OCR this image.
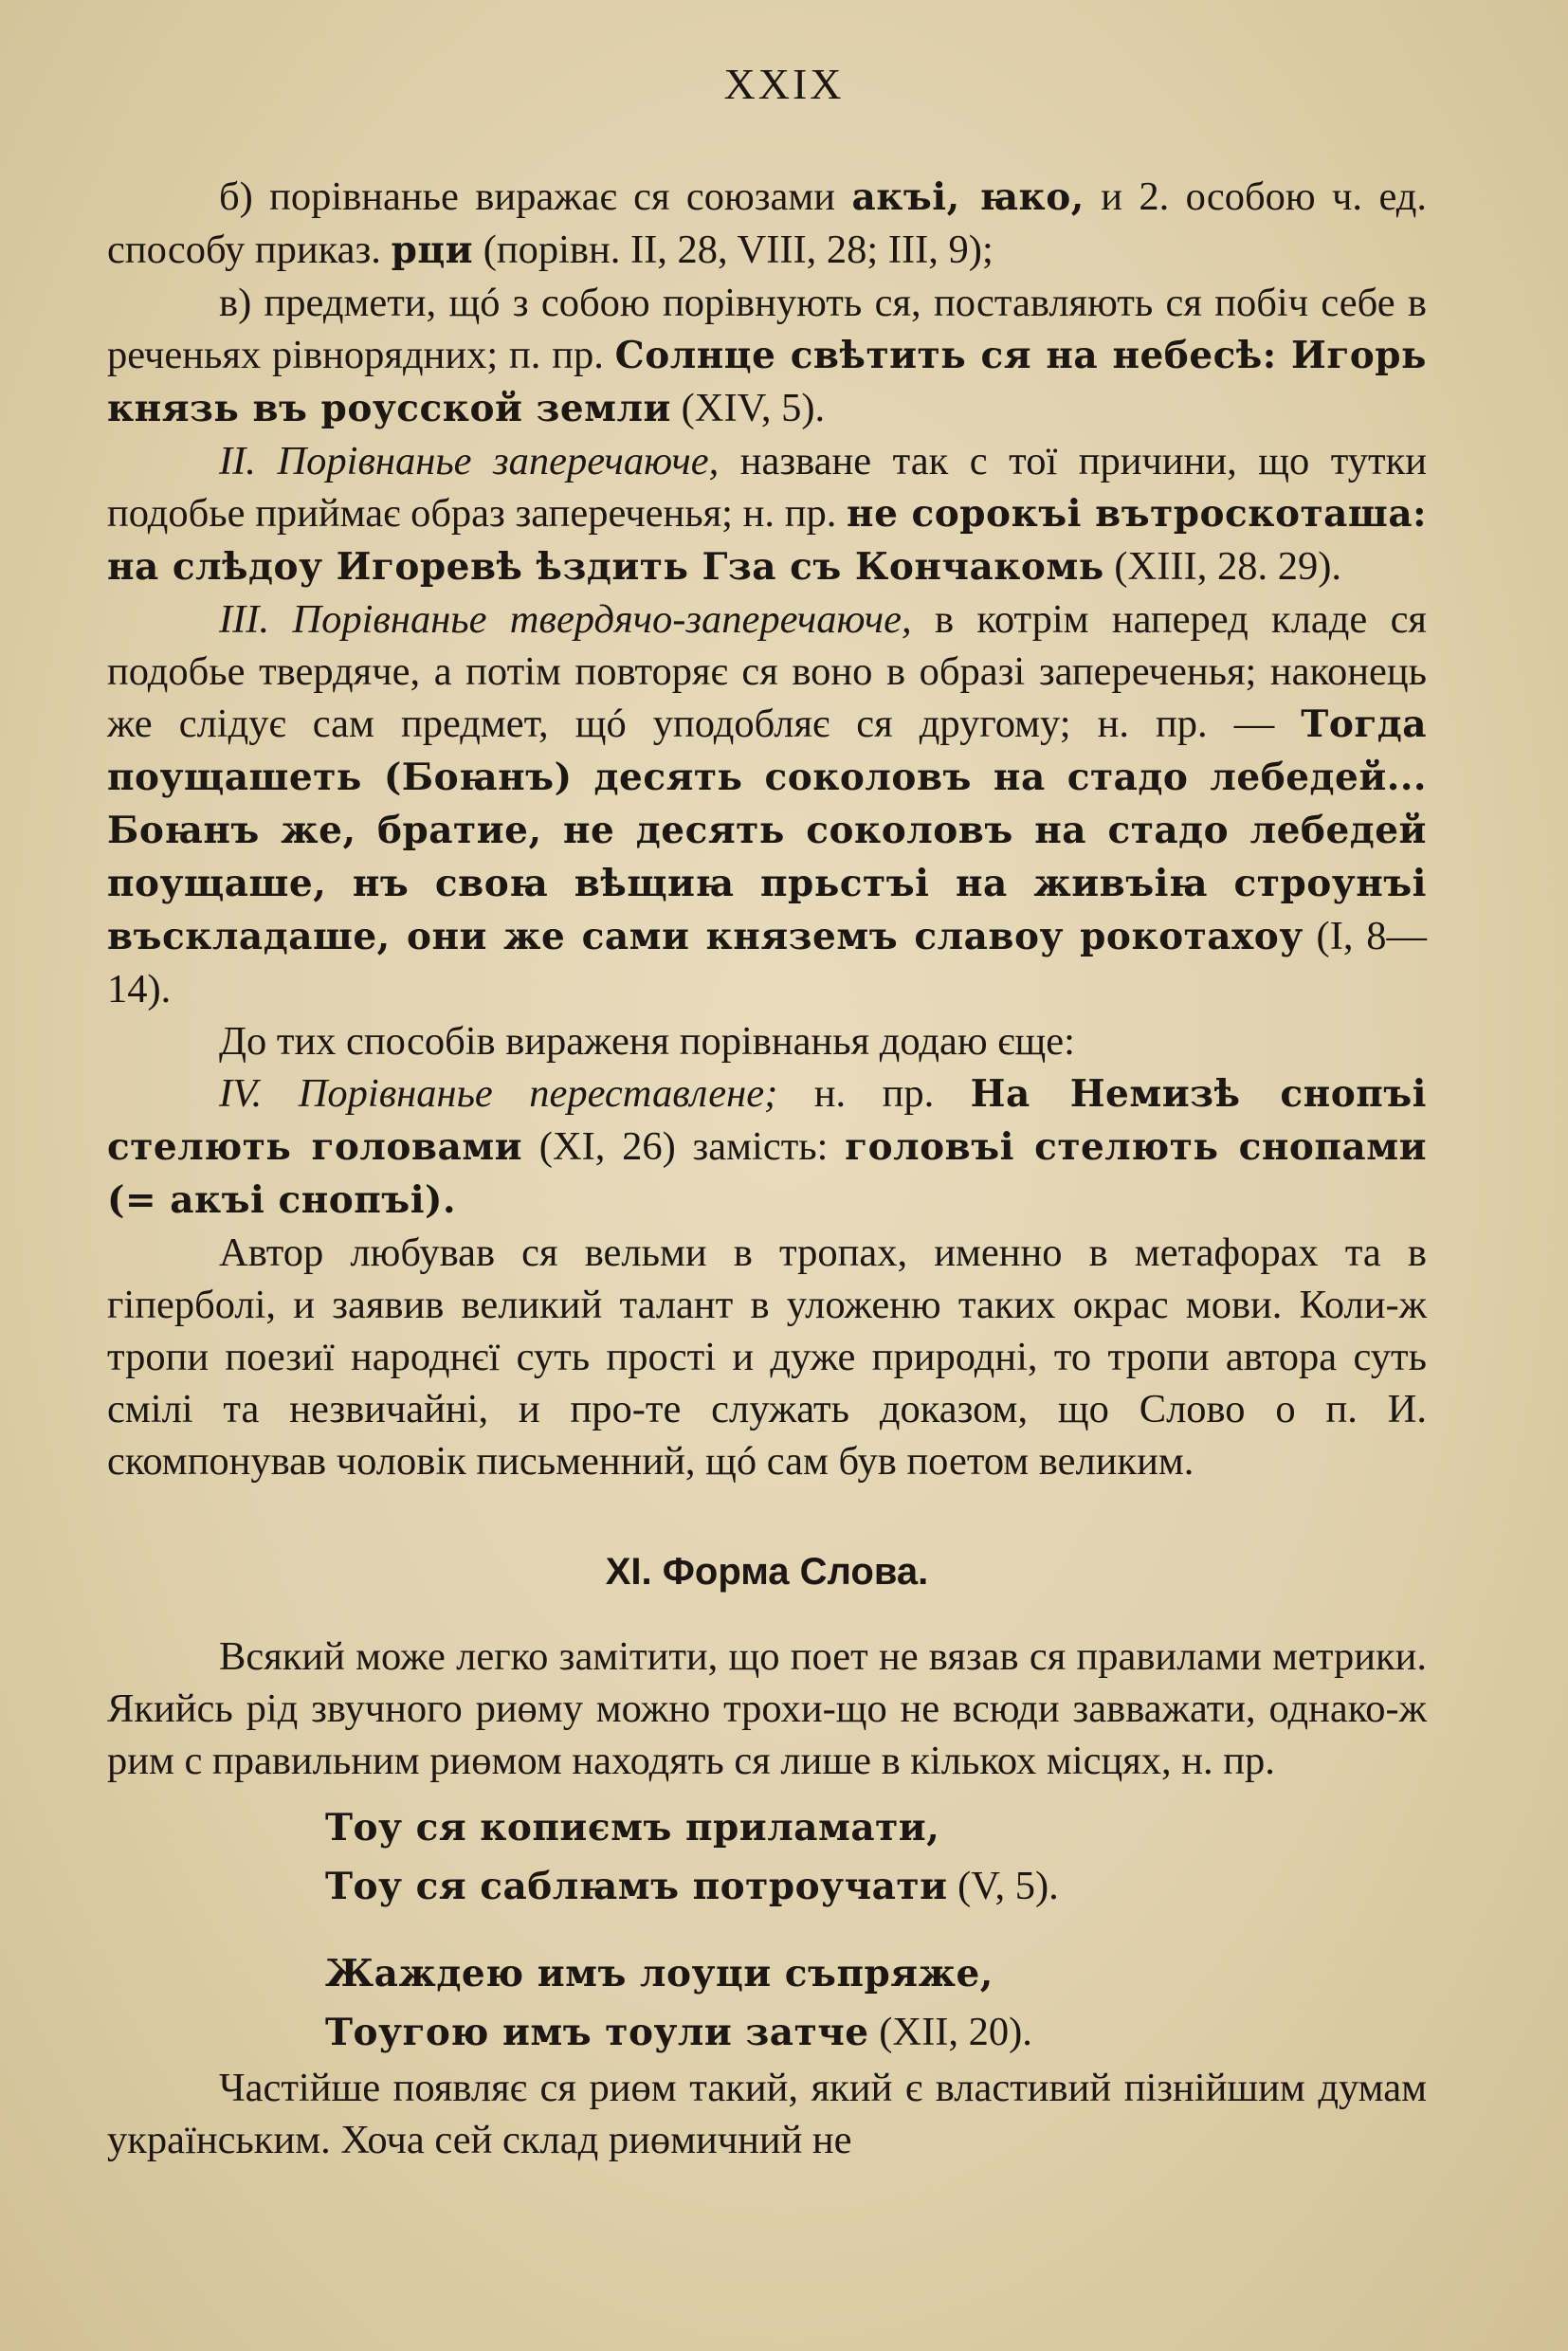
XXIX

б) порівнанье виражає ся союзами акъі, ꙗко, и 2. особою ч. ед. способу приказ. рци (порівн. II, 28, VIII, 28; III, 9);

в) предмети, щó з собою порівнують ся, поставляють ся побіч себе в реченьях рівнорядних; п. пр. Солнце свѣтить ся на небесѣ: Игорь князь въ роусской земли (XIV, 5).

II. Порівнанье заперечаюче, назване так с тої причини, що тутки подобье приймає образ запереченья; н. пр. не сорокъі вътроскоташа: на слѣдоу Игоревѣ ѣздить Гза съ Кончакомь (XIII, 28. 29).

III. Порівнанье твердячо-заперечаюче, в котрім наперед кладе ся подобье твердяче, а потім повторяє ся воно в образі запереченья; наконець же слідує сам предмет, щó уподобляє ся другому; н. пр. — Тогда поущашеть (Боꙗнъ) десять соколовъ на стадо лебедей... Боꙗнъ же, братие, не десять соколовъ на стадо лебедей поущаше, нъ своꙗ вѣщиꙗ прьстъі на живъіꙗ строунъі въскладаше, они же сами княземъ славоу рокотахоу (I, 8—14).

До тих способів вираженя порівнанья додаю єще:

IV. Порівнанье переставлене; н. пр. На Немизѣ снопъі стелють головами (XI, 26) замість: головъі стелють снопами (= акъі снопъі).

Автор любував ся вельми в тропах, именно в метафорах та в гіперболі, и заявив великий талант в уложеню таких окрас мови. Коли-ж тропи поезиї народнєї суть прості и дуже природні, то тропи автора суть смілі та незвичайні, и про-те служать доказом, що Слово о п. И. скомпонував чоловік письменний, щó сам був поетом великим.

XI. Форма Слова.

Всякий може легко замітити, що поет не вязав ся правилами метрики. Якийсь рід звучного риөму можно трохи-що не всюди завважати, однако-ж рим с правильним риөмом находять ся лише в кількох місцях, н. пр.

Тоу ся копиємъ приламати,
Тоу ся саблꙗмъ потроучати (V, 5).
Жаждею имъ лоуци съпряже,
Тоугою имъ тоули затче (XII, 20).

Частійше появляє ся риөм такий, який є властивий пізнійшим думам українським. Хоча сей склад риөмичний не
